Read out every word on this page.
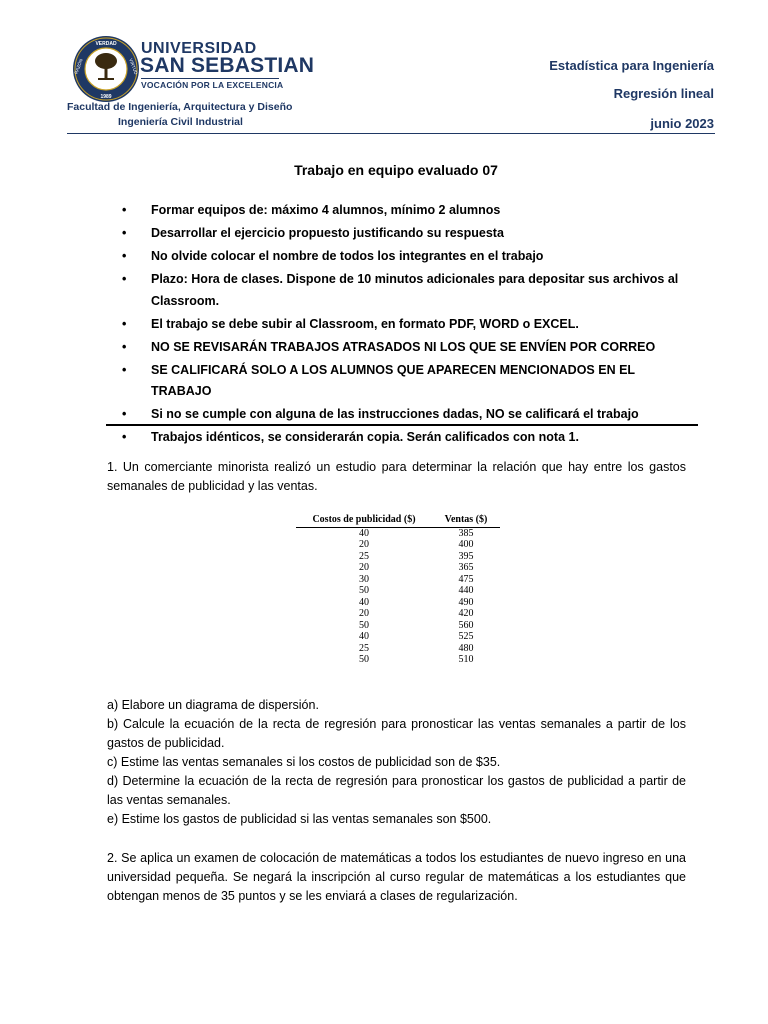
VERDAD
RAZÓN	VIRTUD
1989
UNIVERSIDAD
SAN SEBASTIAN
VOCACIÓN POR LA EXCELENCIA
Facultad de Ingeniería, Arquitectura y Diseño
Ingeniería Civil Industrial
Estadística para Ingeniería
Regresión lineal
junio 2023
Trabajo en equipo evaluado 07
• Formar equipos de: máximo 4 alumnos, mínimo 2 alumnos
• Desarrollar el ejercicio propuesto justificando su respuesta
• No olvide colocar el nombre de todos los integrantes en el trabajo
• Plazo: Hora de clases. Dispone de 10 minutos adicionales para depositar sus archivos al Classroom.
• El trabajo se debe subir al Classroom, en formato PDF, WORD o EXCEL.
• NO SE REVISARÁN TRABAJOS ATRASADOS NI LOS QUE SE ENVÍEN POR CORREO
• SE CALIFICARÁ SOLO A LOS ALUMNOS QUE APARECEN MENCIONADOS EN EL TRABAJO
• Si no se cumple con alguna de las instrucciones dadas, NO se calificará el trabajo
• Trabajos idénticos, se considerarán copia. Serán calificados con nota 1.
1. Un comerciante minorista realizó un estudio para determinar la relación que hay entre los gastos semanales de publicidad y las ventas.
Costos de publicidad ($)	Ventas ($)
40	385
20	400
25	395
20	365
30	475
50	440
40	490
20	420
50	560
40	525
25	480
50	510
a) Elabore un diagrama de dispersión.
b) Calcule la ecuación de la recta de regresión para pronosticar las ventas semanales a partir de los gastos de publicidad.
c) Estime las ventas semanales si los costos de publicidad son de $35.
d) Determine la ecuación de la recta de regresión para pronosticar los gastos de publicidad a partir de las ventas semanales.
e) Estime los gastos de publicidad si las ventas semanales son $500.
2. Se aplica un examen de colocación de matemáticas a todos los estudiantes de nuevo ingreso en una universidad pequeña. Se negará la inscripción al curso regular de matemáticas a los estudiantes que obtengan menos de 35 puntos y se les enviará a clases de regularización.
